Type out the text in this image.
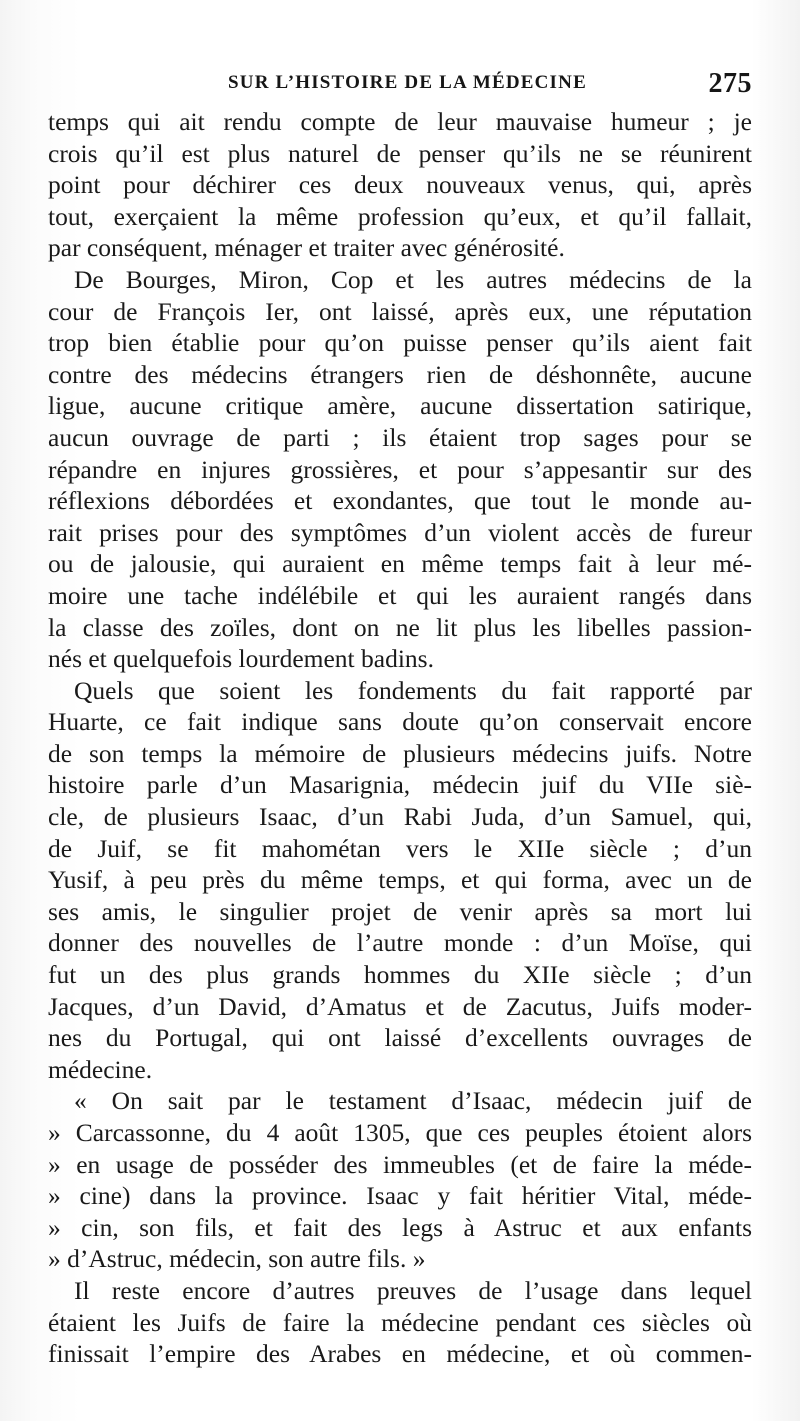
SUR L’HISTOIRE DE LA MÉDECINE	275
temps qui ait rendu compte de leur mauvaise humeur ; je
crois qu’il est plus naturel de penser qu’ils ne se réunirent
point pour déchirer ces deux nouveaux venus, qui, après
tout, exerçaient la même profession qu’eux, et qu’il fallait,
par conséquent, ménager et traiter avec générosité.
De Bourges, Miron, Cop et les autres médecins de la
cour de François Ier, ont laissé, après eux, une réputation
trop bien établie pour qu’on puisse penser qu’ils aient fait
contre des médecins étrangers rien de déshonnête, aucune
ligue, aucune critique amère, aucune dissertation satirique,
aucun ouvrage de parti ; ils étaient trop sages pour se
répandre en injures grossières, et pour s’appesantir sur des
réflexions débordées et exondantes, que tout le monde au-
rait prises pour des symptômes d’un violent accès de fureur
ou de jalousie, qui auraient en même temps fait à leur mé-
moire une tache indélébile et qui les auraient rangés dans
la classe des zoïles, dont on ne lit plus les libelles passion-
nés et quelquefois lourdement badins.
Quels que soient les fondements du fait rapporté par
Huarte, ce fait indique sans doute qu’on conservait encore
de son temps la mémoire de plusieurs médecins juifs. Notre
histoire parle d’un Masarignia, médecin juif du VIIe siè-
cle, de plusieurs Isaac, d’un Rabi Juda, d’un Samuel, qui,
de Juif, se fit mahométan vers le XIIe siècle ; d’un
Yusif, à peu près du même temps, et qui forma, avec un de
ses amis, le singulier projet de venir après sa mort lui
donner des nouvelles de l’autre monde : d’un Moïse, qui
fut un des plus grands hommes du XIIe siècle ; d’un
Jacques, d’un David, d’Amatus et de Zacutus, Juifs moder-
nes du Portugal, qui ont laissé d’excellents ouvrages de
médecine.
« On sait par le testament d’Isaac, médecin juif de
» Carcassonne, du 4 août 1305, que ces peuples étoient alors
» en usage de posséder des immeubles (et de faire la méde-
» cine) dans la province. Isaac y fait héritier Vital, méde-
» cin, son fils, et fait des legs à Astruc et aux enfants
» d’Astruc, médecin, son autre fils. »
Il reste encore d’autres preuves de l’usage dans lequel
étaient les Juifs de faire la médecine pendant ces siècles où
finissait l’empire des Arabes en médecine, et où commen-
